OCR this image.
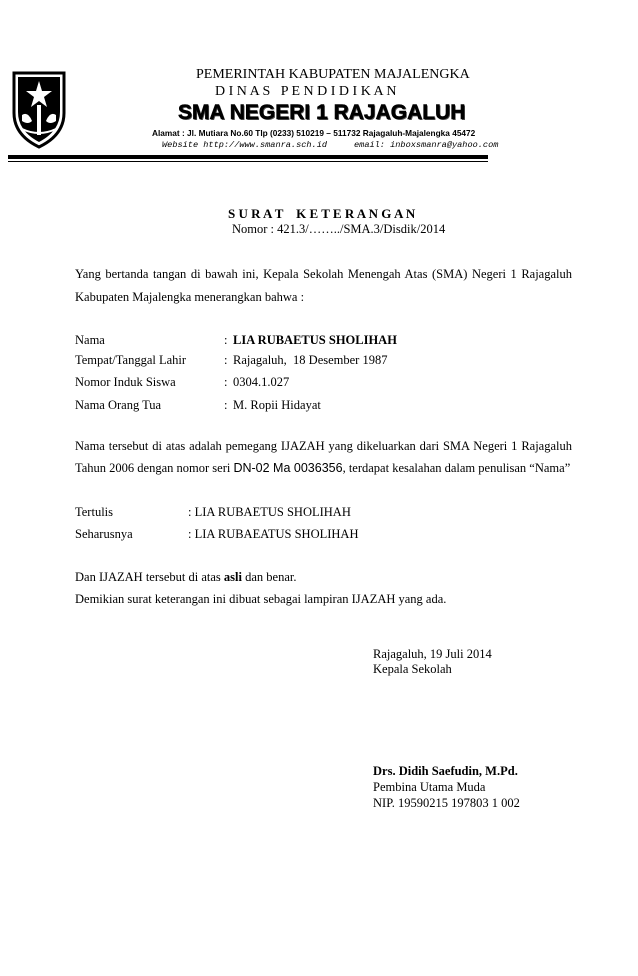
PEMERINTAH KABUPATEN MAJALENGKA
D I N A S   P E N D I D I K A N
SMA NEGERI 1 RAJAGALUH
Alamat : Jl. Mutiara No.60 Tlp (0233) 510219 – 511732 Rajagaluh-Majalengka 45472
Website http://www.smanra.sch.id	email: inboxsmanra@yahoo.com
S U R A T    K E T E R A N G A N
Nomor : 421.3/……../SMA.3/Disdik/2014
Yang bertanda tangan di bawah ini, Kepala Sekolah Menengah Atas (SMA) Negeri 1 Rajagaluh
Kabupaten Majalengka menerangkan bahwa :
Nama	: LIA RUBAETUS SHOLIHAH
Tempat/Tanggal Lahir	: Rajagaluh,  18 Desember 1987
Nomor Induk Siswa	: 0304.1.027
Nama Orang Tua	: M. Ropii Hidayat
Nama tersebut di atas adalah pemegang IJAZAH yang dikeluarkan dari SMA Negeri 1 Rajagaluh
Tahun 2006 dengan nomor seri DN-02 Ma 0036356, terdapat kesalahan dalam penulisan “Nama”
Tertulis	: LIA RUBAETUS SHOLIHAH
Seharusnya	: LIA RUBAEATUS SHOLIHAH
Dan IJAZAH tersebut di atas asli dan benar.
Demikian surat keterangan ini dibuat sebagai lampiran IJAZAH yang ada.
Rajagaluh, 19 Juli 2014
Kepala Sekolah
Drs. Didih Saefudin, M.Pd.
Pembina Utama Muda
NIP. 19590215 197803 1 002
